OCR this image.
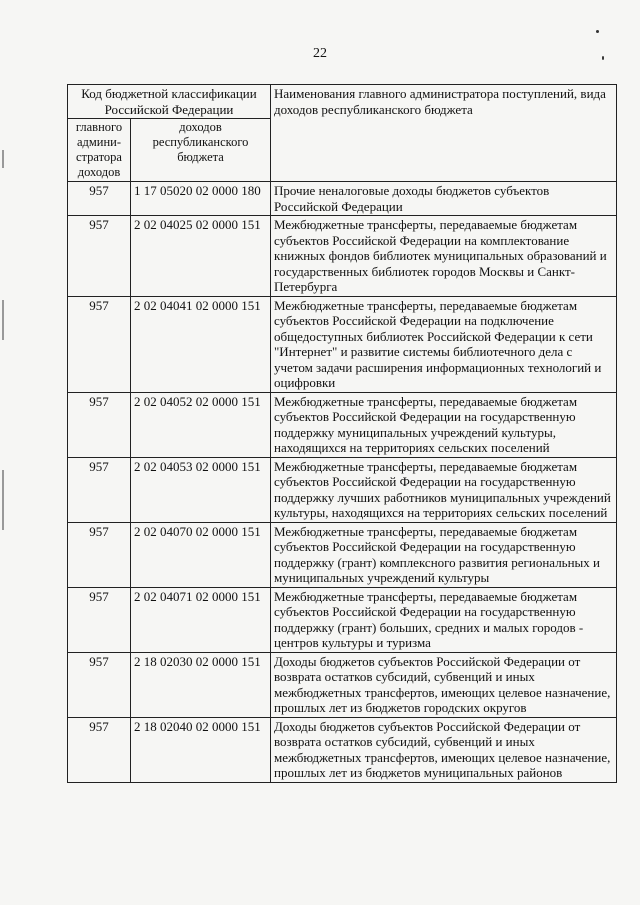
22
Код бюджетной классификации Российской Федерации		Наименования главного администратора поступлений, вида доходов республиканского бюджета
главного админи-стратора доходов	доходов республиканского бюджета	
957	1 17 05020 02 0000 180	Прочие неналоговые доходы бюджетов субъектов Российской Федерации
957	2 02 04025 02 0000 151	Межбюджетные трансферты, передаваемые бюджетам субъектов Российской Федерации на комплектование книжных фондов библиотек муниципальных образований и государственных библиотек городов Москвы и Санкт-Петербурга
957	2 02 04041 02 0000 151	Межбюджетные трансферты, передаваемые бюджетам субъектов Российской Федерации на подключение общедоступных библиотек Российской Федерации к сети "Интернет" и развитие системы библиотечного дела с учетом задачи расширения информационных технологий и оцифровки
957	2 02 04052 02 0000 151	Межбюджетные трансферты, передаваемые бюджетам субъектов Российской Федерации на государственную поддержку муниципальных учреждений культуры, находящихся на территориях сельских поселений
957	2 02 04053 02 0000 151	Межбюджетные трансферты, передаваемые бюджетам субъектов Российской Федерации на государственную поддержку лучших работников муниципальных учреждений культуры, находящихся на территориях сельских поселений
957	2 02 04070 02 0000 151	Межбюджетные трансферты, передаваемые бюджетам субъектов Российской Федерации на государственную поддержку (грант) комплексного развития региональных и муниципальных учреждений культуры
957	2 02 04071 02 0000 151	Межбюджетные трансферты, передаваемые бюджетам субъектов Российской Федерации на государственную поддержку (грант) больших, средних и малых городов - центров культуры и туризма
957	2 18 02030 02 0000 151	Доходы бюджетов субъектов Российской Федерации от возврата остатков субсидий, субвенций и иных межбюджетных трансфертов, имеющих целевое назначение, прошлых лет из бюджетов городских округов
957	2 18 02040 02 0000 151	Доходы бюджетов субъектов Российской Федерации от возврата остатков субсидий, субвенций и иных межбюджетных трансфертов, имеющих целевое назначение, прошлых лет из бюджетов муниципальных районов
